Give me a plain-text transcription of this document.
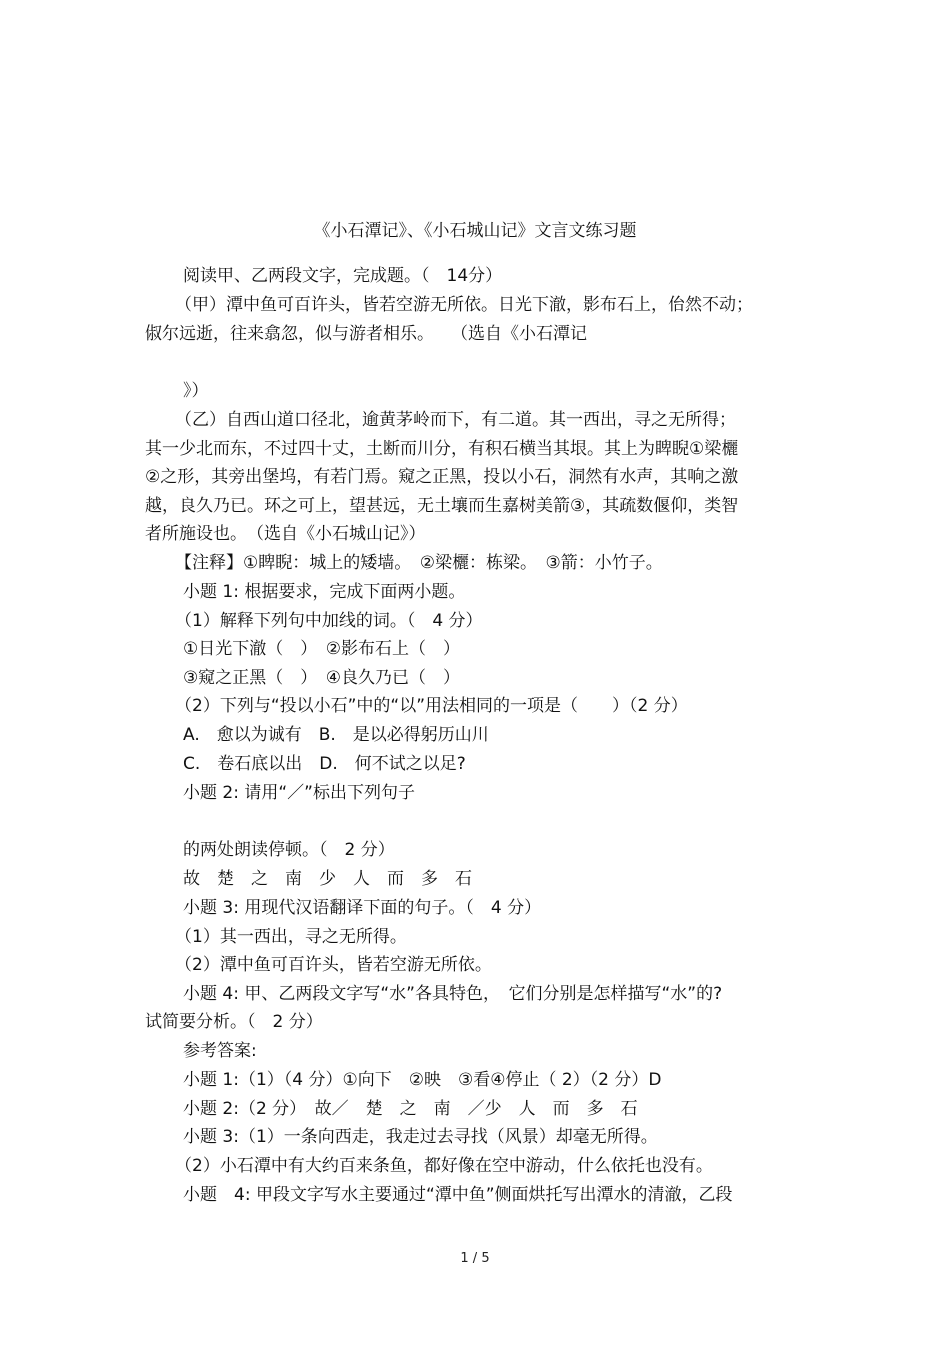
《小石潭记》、《小石城山记》文言文练习题
阅读甲、乙两段文字，完成题。（　14分）
（甲）潭中鱼可百许头，皆若空游无所依。日光下澈，影布石上，佁然不动；
俶尔远逝，往来翕忽，似与游者相乐。　　（选自《小石潭记
》）
（乙）自西山道口径北，逾黄茅岭而下，有二道。其一西出，寻之无所得；
其一少北而东，不过四十丈，土断而川分，有积石横当其垠。其上为睥睨①梁欐
②之形，其旁出堡坞，有若门焉。窥之正黑，投以小石，洞然有水声，其响之激
越，良久乃已。环之可上，望甚远，无土壤而生嘉树美箭③，其疏数偃仰，类智
者所施设也。　（选自《小石城山记》）
【注释】①睥睨：城上的矮墙。　②梁欐：栋梁。　③箭：小竹子。
小题 1: 根据要求，完成下面两小题。
（1）解释下列句中加线的词。（　4 分）
①日光下澈（　）　②影布石上（　）
③窥之正黑（　）　④良久乃已（　）
（2）下列与“投以小石”中的“以”用法相同的一项是（　　）（2 分）
A.　愈以为诚有　B.　是以必得躬历山川
C.　卷石底以出　D.　何不试之以足?
小题 2: 请用“／”标出下列句子
的两处朗读停顿。（　2 分）
故　楚　之　南　少　人　而　多　石
小题 3: 用现代汉语翻译下面的句子。（　4 分）
（1）其一西出，寻之无所得。
（2）潭中鱼可百许头，皆若空游无所依。
小题 4: 甲、乙两段文字写“水”各具特色，　它们分别是怎样描写“水”的?
试简要分析。（　2 分）
参考答案:
小题 1:（1）（4 分）①向下　②映　③看④停止（ 2）（2 分）D
小题 2:（2 分）　故／　楚　之　南　／少　人　而　多　石
小题 3:（1）一条向西走，我走过去寻找（风景）却毫无所得。
（2）小石潭中有大约百来条鱼，都好像在空中游动，什么依托也没有。
小题　4: 甲段文字写水主要通过“潭中鱼”侧面烘托写出潭水的清澈，乙段
1 / 5
